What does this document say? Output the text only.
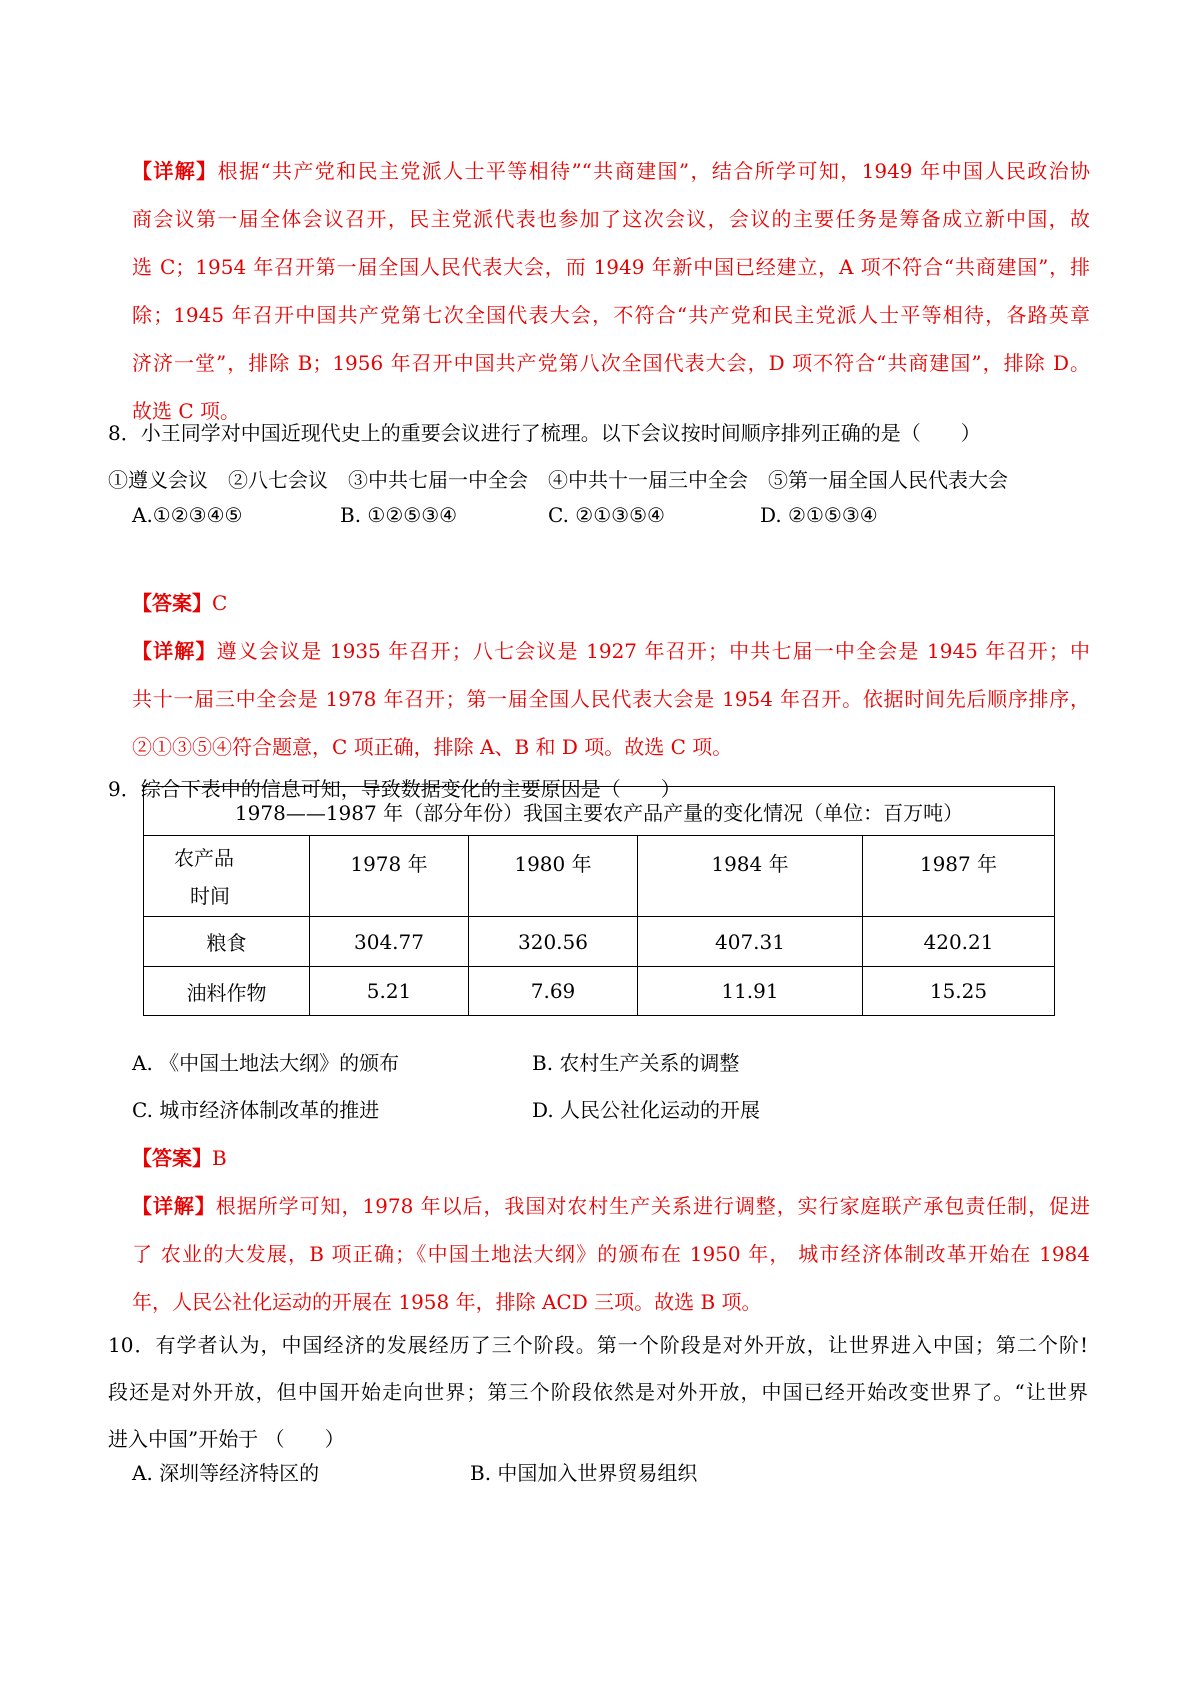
【详解】根据“共产党和民主党派人士平等相待”“共商建国”，结合所学可知，1949 年中国人民政治协
商会议第一届全体会议召开，民主党派代表也参加了这次会议，会议的主要任务是筹备成立新中国，故
选 C；1954 年召开第一届全国人民代表大会，而 1949 年新中国已经建立，A 项不符合“共商建国”，排
除；1945 年召开中国共产党第七次全国代表大会，不符合“共产党和民主党派人士平等相待，各路英章
济济一堂”，排除 B；1956 年召开中国共产党第八次全国代表大会，D 项不符合“共商建国”，排除 D。
故选 C 项。
8．小王同学对中国近现代史上的重要会议进行了梳理。以下会议按时间顺序排列正确的是（　　）
①遵义会议　②八七会议　③中共七届一中全会　④中共十一届三中全会　⑤第一届全国人民代表大会
A.①②③④⑤	B. ①②⑤③④	C. ②①③⑤④	D. ②①⑤③④
【答案】C
【详解】遵义会议是 1935 年召开；八七会议是 1927 年召开；中共七届一中全会是 1945 年召开；中
共十一届三中全会是 1978 年召开；第一届全国人民代表大会是 1954 年召开。依据时间先后顺序排序，
②①③⑤④符合题意，C 项正确，排除 A、B 和 D 项。故选 C 项。
9．综合下表中的信息可知，导致数据变化的主要原因是（　　）
1978——1987 年（部分年份）我国主要农产品产量的变化情况（单位：百万吨）				

农产品
时间	1978 年	1980 年	1984 年	1987 年
粮食	304.77	320.56	407.31	420.21
油料作物	5.21	7.69	11.91	15.25
A. 《中国土地法大纲》的颁布	B. 农村生产关系的调整
C. 城市经济体制改革的推进	D. 人民公社化运动的开展
【答案】B
【详解】根据所学可知，1978 年以后，我国对农村生产关系进行调整，实行家庭联产承包责任制，促进
了 农业的大发展，B 项正确；《中国土地法大纲》的颁布在 1950 年， 城市经济体制改革开始在 1984
年，人民公社化运动的开展在 1958 年，排除 ACD 三项。故选 B 项。
10．有学者认为，中国经济的发展经历了三个阶段。第一个阶段是对外开放，让世界进入中国；第二个阶!
段还是对外开放，但中国开始走向世界；第三个阶段依然是对外开放，中国已经开始改变世界了。“让世界
进入中国”开始于 （　　）
A. 深圳等经济特区的	B. 中国加入世界贸易组织
